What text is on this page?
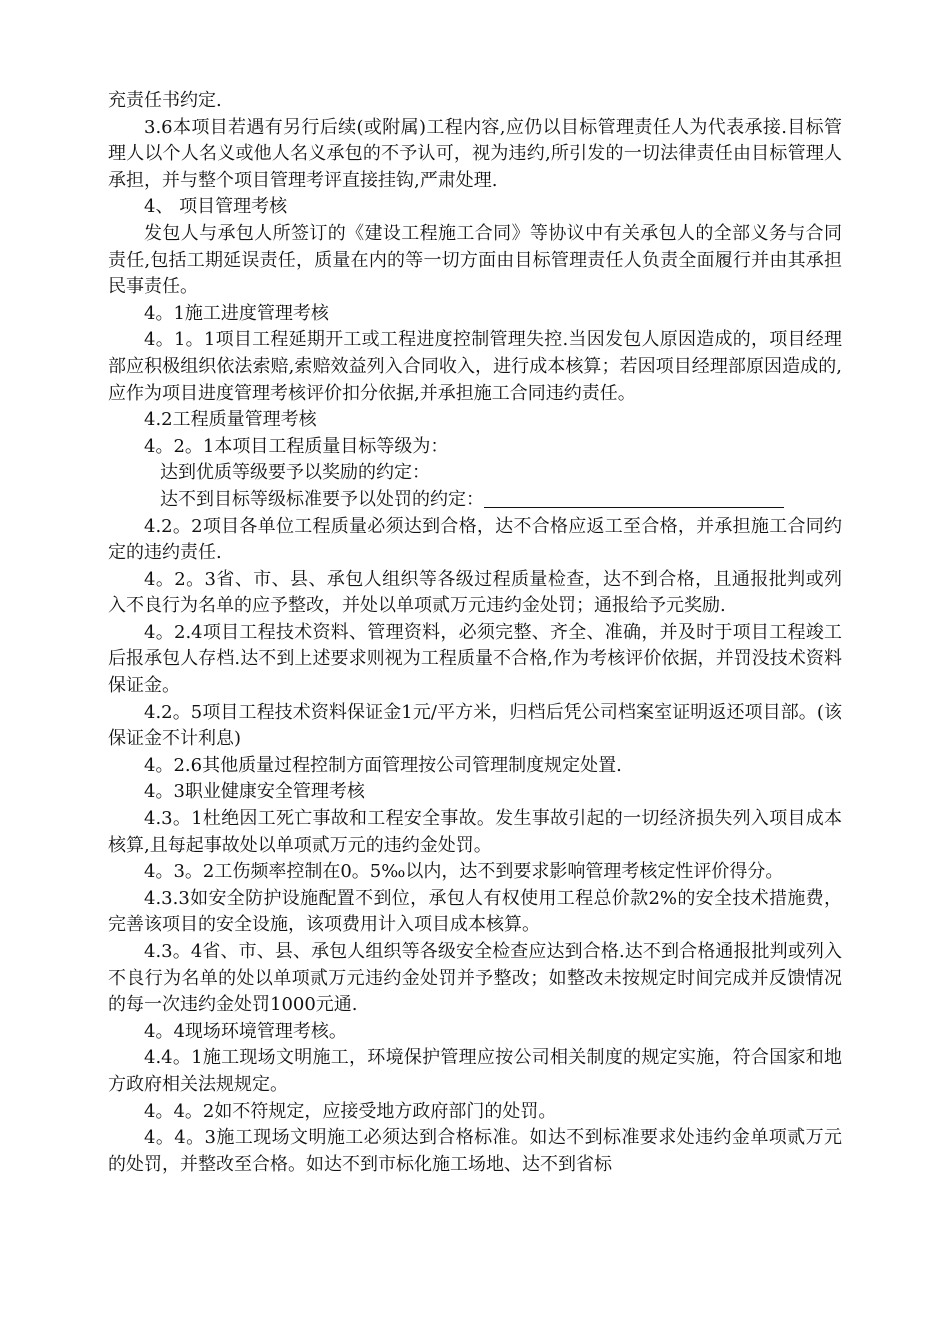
充责任书约定.

3.6本项目若遇有另行后续(或附属)工程内容,应仍以目标管理责任人为代表承接.目标管理人以个人名义或他人名义承包的不予认可，视为违约,所引发的一切法律责任由目标管理人承担，并与整个项目管理考评直接挂钩,严肃处理.

4、 项目管理考核

发包人与承包人所签订的《建设工程施工合同》等协议中有关承包人的全部义务与合同责任,包括工期延误责任，质量在内的等一切方面由目标管理责任人负责全面履行并由其承担民事责任。

4。1施工进度管理考核

4。1。1项目工程延期开工或工程进度控制管理失控.当因发包人原因造成的，项目经理部应积极组织依法索赔,索赔效益列入合同收入，进行成本核算；若因项目经理部原因造成的,应作为项目进度管理考核评价扣分依据,并承担施工合同违约责任。

4.2工程质量管理考核

4。2。1本项目工程质量目标等级为：

达到优质等级要予以奖励的约定：

达不到目标等级标准要予以处罚的约定：

4.2。2项目各单位工程质量必须达到合格，达不合格应返工至合格，并承担施工合同约定的违约责任.

4。2。3省、市、县、承包人组织等各级过程质量检查，达不到合格，且通报批判或列入不良行为名单的应予整改，并处以单项贰万元违约金处罚；通报给予元奖励.

4。2.4项目工程技术资料、管理资料，必须完整、齐全、准确，并及时于项目工程竣工后报承包人存档.达不到上述要求则视为工程质量不合格,作为考核评价依据，并罚没技术资料保证金。

4.2。5项目工程技术资料保证金1元/平方米，归档后凭公司档案室证明返还项目部。(该保证金不计利息)

4。2.6其他质量过程控制方面管理按公司管理制度规定处置.

4。3职业健康安全管理考核

4.3。1杜绝因工死亡事故和工程安全事故。发生事故引起的一切经济损失列入项目成本核算,且每起事故处以单项贰万元的违约金处罚。

4。3。2工伤频率控制在0。5‰以内，达不到要求影响管理考核定性评价得分。

4.3.3如安全防护设施配置不到位，承包人有权使用工程总价款2%的安全技术措施费，完善该项目的安全设施，该项费用计入项目成本核算。

4.3。4省、市、县、承包人组织等各级安全检查应达到合格.达不到合格通报批判或列入不良行为名单的处以单项贰万元违约金处罚并予整改；如整改未按规定时间完成并反馈情况的每一次违约金处罚1000元通.

4。4现场环境管理考核。

4.4。1施工现场文明施工，环境保护管理应按公司相关制度的规定实施，符合国家和地方政府相关法规规定。

4。4。2如不符规定，应接受地方政府部门的处罚。

4。4。3施工现场文明施工必须达到合格标准。如达不到标准要求处违约金单项贰万元的处罚，并整改至合格。如达不到市标化施工场地、达不到省标
